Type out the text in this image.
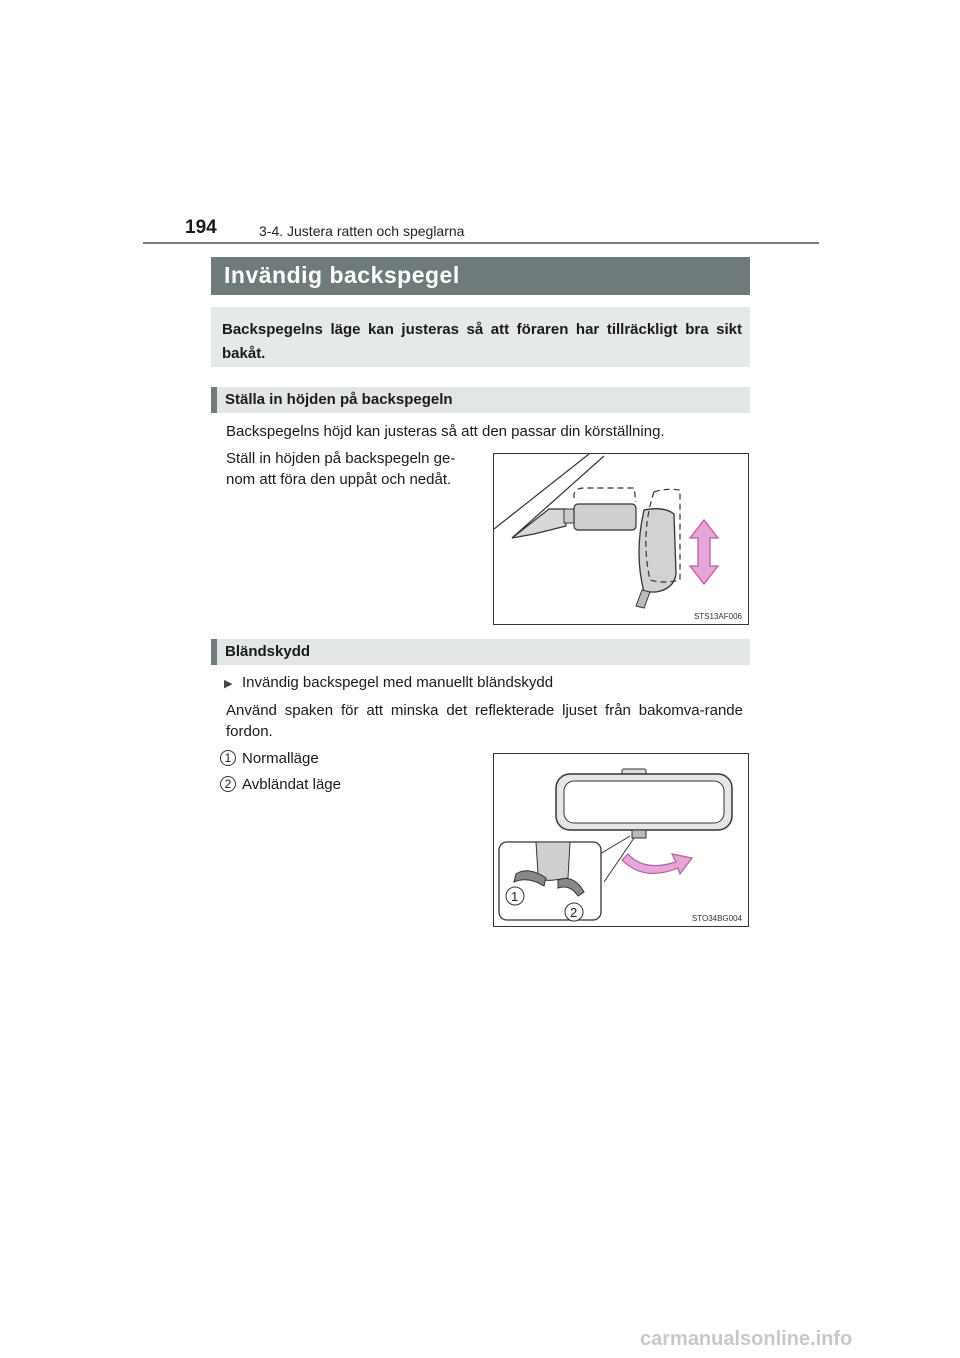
194	3-4. Justera ratten och speglarna
Invändig backspegel
Backspegelns läge kan justeras så att föraren har tillräckligt bra sikt bakåt.
Ställa in höjden på backspegeln
Backspegelns höjd kan justeras så att den passar din körställning.
Ställ in höjden på backspegeln ge-nom att föra den uppåt och nedåt.
STS13AF006
Bländskydd
▶ Invändig backspegel med manuellt bländskydd
Använd spaken för att minska det reflekterade ljuset från bakomva-rande fordon.
1 Normalläge
2 Avbländat läge
1
2	STO34BG004
carmanualsonline.info
